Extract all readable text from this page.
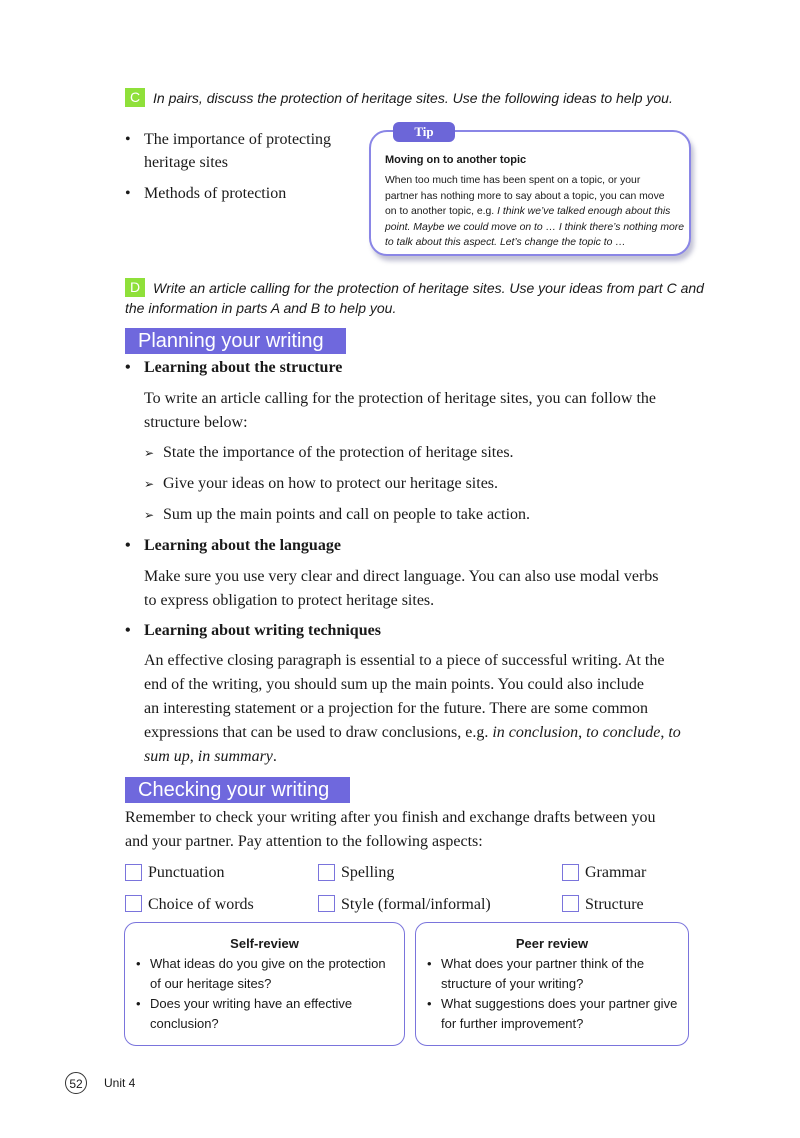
C In pairs, discuss the protection of heritage sites. Use the following ideas to help you.
• The importance of protecting
heritage sites
• Methods of protection
Moving on to another topic
When too much time has been spent on a topic, or your
partner has nothing more to say about a topic, you can move
on to another topic, e.g. I think we’ve talked enough about this
point. Maybe we could move on to … I think there’s nothing more
to talk about this aspect. Let’s change the topic to …
Tip
D Write an article calling for the protection of heritage sites. Use your ideas from part C and
the information in parts A and B to help you.
Planning your writing
• Learning about the structure
To write an article calling for the protection of heritage sites, you can follow the
structure below:
➢ State the importance of the protection of heritage sites.
➢ Give your ideas on how to protect our heritage sites.
➢ Sum up the main points and call on people to take action.
• Learning about the language
Make sure you use very clear and direct language. You can also use modal verbs
to express obligation to protect heritage sites.
• Learning about writing techniques
An effective closing paragraph is essential to a piece of successful writing. At the
end of the writing, you should sum up the main points. You could also include
an interesting statement or a projection for the future. There are some common
expressions that can be used to draw conclusions, e.g. in conclusion, to conclude, to
sum up, in summary.
Checking your writing
Remember to check your writing after you finish and exchange drafts between you
and your partner. Pay attention to the following aspects:
Punctuation	Spelling	Grammar
Choice of words	Style (formal/informal)	Structure
Self-review
• What ideas do you give on the protection
of our heritage sites?
• Does your writing have an effective
conclusion?
Peer review
• What does your partner think of the
structure of your writing?
• What suggestions does your partner give
for further improvement?
52	Unit 4
